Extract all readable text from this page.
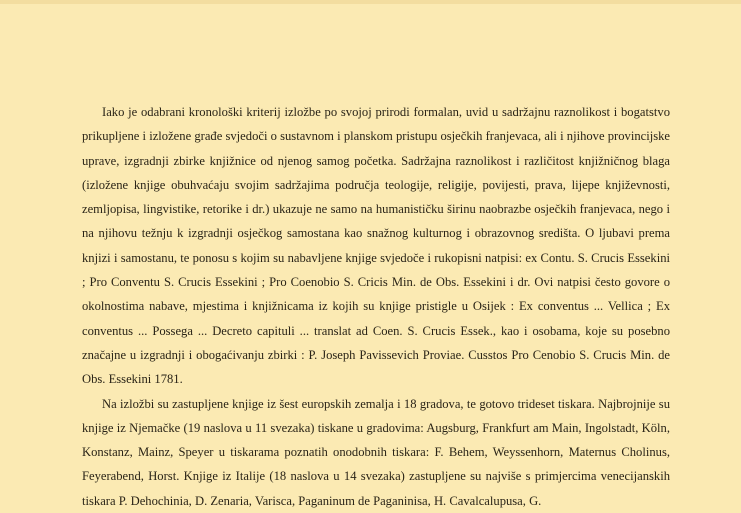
Iako je odabrani kronološki kriterij izložbe po svojoj prirodi formalan, uvid u sadržajnu raznolikost i bogatstvo prikupljene i izložene građe svjedoči o sustavnom i planskom pristupu osječkih franjevaca, ali i njihove provincijske uprave, izgradnji zbirke knjižnice od njenog samog početka. Sadržajna raznolikost i različitost knjižničnog blaga (izložene knjige obuhvaćaju svojim sadržajima područja teologije, religije, povijesti, prava, lijepe književnosti, zemljopisa, lingvistike, retorike i dr.) ukazuje ne samo na humanističku širinu naobrazbe osječkih franjevaca, nego i na njihovu težnju k izgradnji osječkog samostana kao snažnog kulturnog i obrazovnog središta. O ljubavi prema knjizi i samostanu, te ponosu s kojim su nabavljene knjige svjedoče i rukopisni natpisi: ex Contu. S. Crucis Essekini ; Pro Conventu S. Crucis Essekini ; Pro Coenobio S. Cricis Min. de Obs. Essekini i dr. Ovi natpisi često govore o okolnostima nabave, mjestima i knjižnicama iz kojih su knjige pristigle u Osijek : Ex conventus ... Vellica ; Ex conventus ... Possega ... Decreto capituli ... translat ad Coen. S. Crucis Essek., kao i osobama, koje su posebno značajne u izgradnji i obogaćivanju zbirki : P. Joseph Pavissevich Proviae. Cusstos Pro Cenobio S. Crucis Min. de Obs. Essekini 1781.

Na izložbi su zastupljene knjige iz šest europskih zemalja i 18 gradova, te gotovo trideset tiskara. Najbrojnije su knjige iz Njemačke (19 naslova u 11 svezaka) tiskane u gradovima: Augsburg, Frankfurt am Main, Ingolstadt, Köln, Konstanz, Mainz, Speyer u tiskarama poznatih onodobnih tiskara: F. Behem, Weyssenhorn, Maternus Cholinus, Feyerabend, Horst. Knjige iz Italije (18 naslova u 14 svezaka) zastupljene su najviše s primjercima venecijanskih tiskara P. Dehochinia, D. Zenaria, Varisca, Paganinum de Paganinisa, H. Cavalcalupusa, G.
